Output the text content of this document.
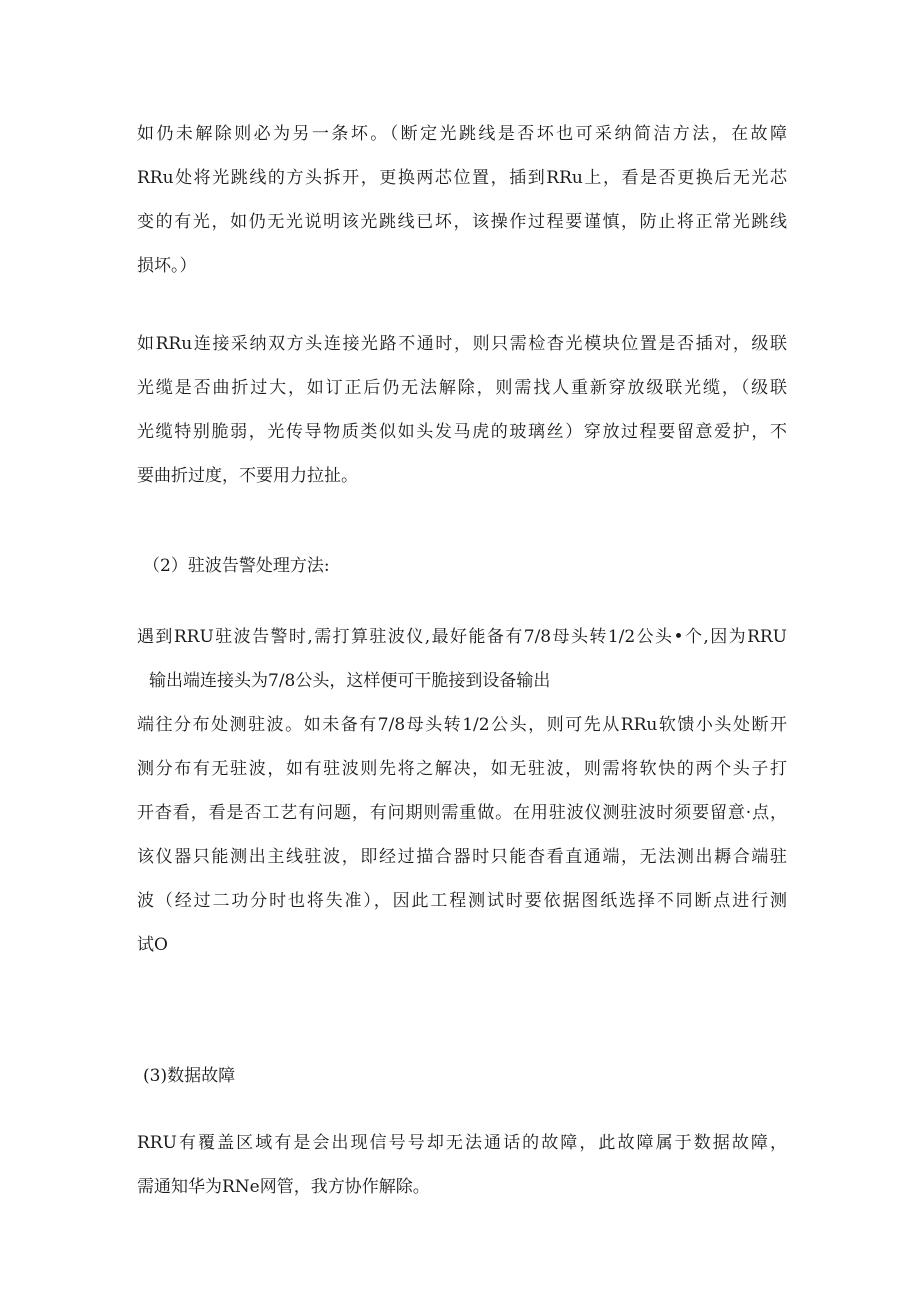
如仍未解除则必为另一条坏。（断定光跳线是否坏也可采纳简洁方法，在故障
RRu处将光跳线的方头拆开，更换两芯位置，插到RRu上，看是否更换后无光芯
变的有光，如仍无光说明该光跳线已坏，该操作过程要谨慎，防止将正常光跳线
损坏。）
如RRu连接采纳双方头连接光路不通时，则只需检杳光模块位置是否插对，级联
光缆是否曲折过大，如订正后仍无法解除，则需找人重新穿放级联光缆，（级联
光缆特别脆弱，光传导物质类似如头发马虎的玻璃丝）穿放过程要留意爱护，不
要曲折过度，不要用力拉扯。
（2）驻波告警处理方法:
遇到RRU驻波告警时,需打算驻波仪,最好能备有7/8母头转1/2公头•个,因为RRU
输出端连接头为7/8公头，这样便可干脆接到设备输出
端往分布处测驻波。如未备有7/8母头转1/2公头，则可先从RRu软馈小头处断开
测分布有无驻波，如有驻波则先将之解决，如无驻波，则需将软快的两个头子打
开杳看，看是否工艺有问题，有问期则需重做。在用驻波仪测驻波时须要留意·点，
该仪器只能测出主线驻波，即经过描合器时只能杳看直通端，无法测出耨合端驻
波（经过二功分时也将失准），因此工程测试时要依据图纸选择不同断点进行测
试O
(3)数据故障
RRU有覆盖区域有是会出现信号号却无法通话的故障，此故障属于数据故障，
需通知华为RNe网管，我方协作解除。
